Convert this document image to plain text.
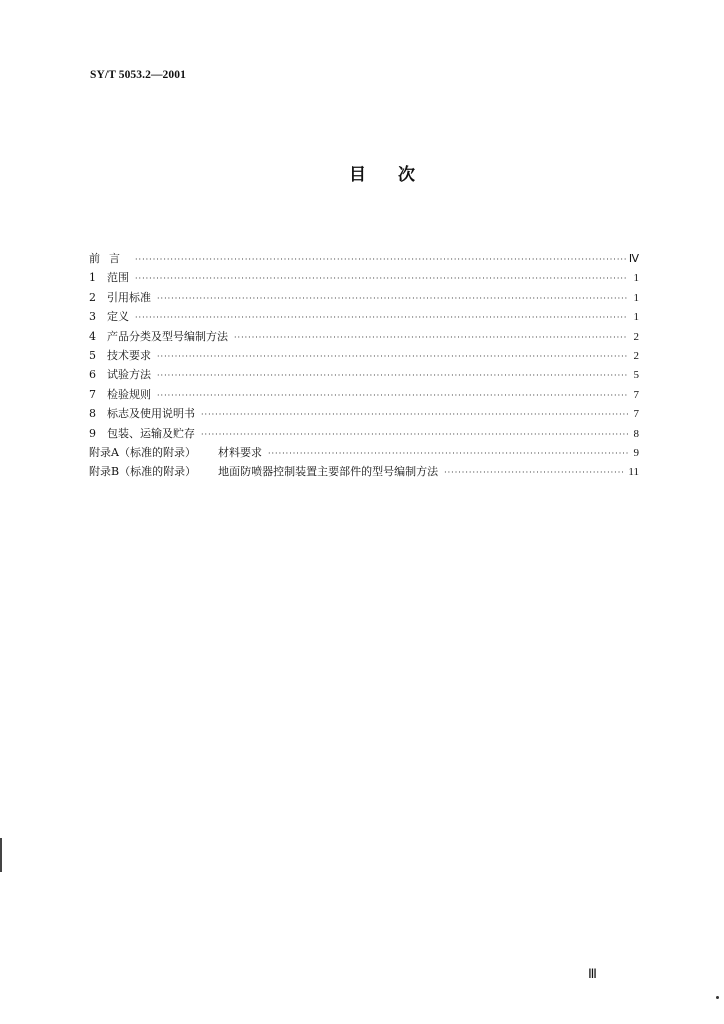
SY/T 5053.2—2001
目 次
前言 ·····	Ⅳ
1	范围 ·····	1
2	引用标准 ·····	1
3	定义 ·····	1
4	产品分类及型号编制方法 ·····	2
5	技术要求 ·····	2
6	试验方法 ·····	5
7	检验规则 ·····	7
8	标志及使用说明书 ·····	7
9	包装、运输及贮存 ·····	8
附录A（标准的附录） 材料要求 ·····	9
附录B（标准的附录） 地面防喷器控制装置主要部件的型号编制方法 ·····	11
Ⅲ
